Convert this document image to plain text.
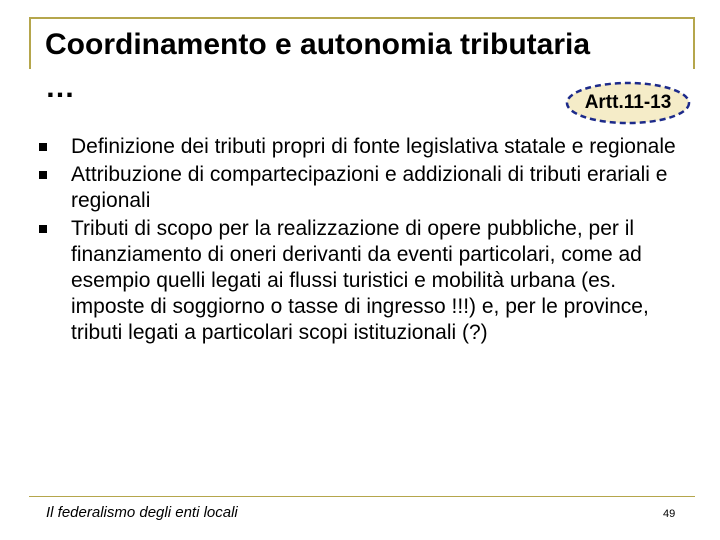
Coordinamento e autonomia tributaria
…	Artt.11-13
Definizione dei tributi propri di fonte legislativa statale e regionale
Attribuzione di compartecipazioni e addizionali di tributi erariali e regionali
Tributi di scopo per la realizzazione di opere pubbliche, per il finanziamento di oneri derivanti da eventi particolari, come ad esempio quelli legati ai flussi turistici e mobilità urbana (es. imposte di soggiorno o tasse di ingresso !!!) e, per le province, tributi legati a particolari scopi istituzionali (?)
Il federalismo degli enti locali	49
